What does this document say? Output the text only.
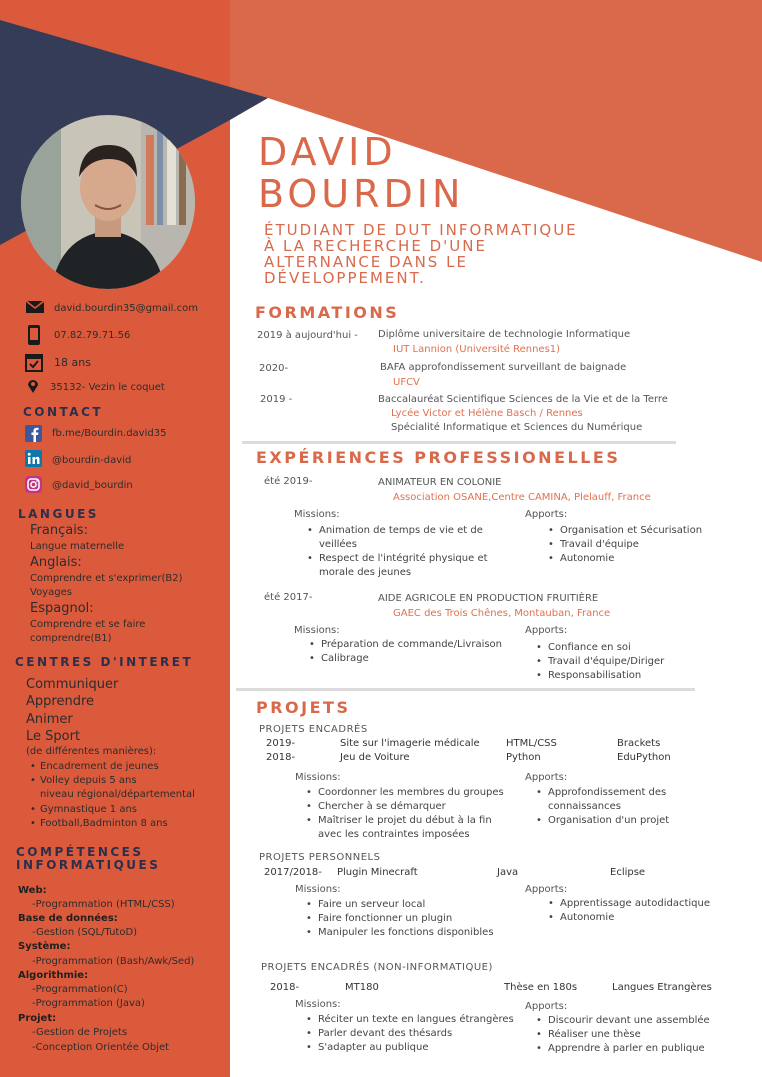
DAVID
BOURDIN
ÉTUDIANT DE DUT INFORMATIQUE
À LA RECHERCHE D'UNE
ALTERNANCE DANS LE
DÉVELOPPEMENT.
david.bourdin35@gmail.com
07.82.79.71.56
18 ans
35132- Vezin le coquet
CONTACT
fb.me/Bourdin.david35
@bourdin-david
@david_bourdin
LANGUES
Français:
Langue maternelle
Anglais:
Comprendre et s'exprimer(B2)
Voyages
Espagnol:
Comprendre et se faire
comprendre(B1)
CENTRES D'INTERET
Communiquer
Apprendre
Animer
Le Sport
(de différentes manières):
• Encadrement de jeunes
• Volley depuis 5 ans
niveau régional/départemental
• Gymnastique 1 ans
• Football,Badminton 8 ans
COMPÉTENCES
INFORMATIQUES
Web:
-Programmation (HTML/CSS)
Base de données:
-Gestion (SQL/TutoD)
Système:
-Programmation (Bash/Awk/Sed)
Algorithmie:
-Programmation(C)
-Programmation (Java)
Projet:
-Gestion de Projets
-Conception Orientée Objet
FORMATIONS
2019 à aujourd'hui - Diplôme universitaire de technologie Informatique
IUT Lannion (Université Rennes1)
2020-	BAFA approfondissement surveillant de baignade
UFCV
2019 -	Baccalauréat Scientifique Sciences de la Vie et de la Terre
Lycée Victor et Hélène Basch / Rennes
Spécialité Informatique et Sciences du Numérique
EXPÉRIENCES PROFESSIONELLES
été 2019-	ANIMATEUR EN COLONIE
Association OSANE,Centre CAMINA, Plelauff, France
Missions:	Apports:
• Animation de temps de vie et de
veillées
• Respect de l'intégrité physique et
morale des jeunes
• Organisation et Sécurisation
• Travail d'équipe
• Autonomie
été 2017-	AIDE AGRICOLE EN PRODUCTION FRUITIÈRE
GAEC des Trois Chênes, Montauban, France
Missions:	Apports:
• Préparation de commande/Livraison
• Calibrage
• Confiance en soi
• Travail d'équipe/Diriger
• Responsabilisation
PROJETS
PROJETS ENCADRÉS
2019-	Site sur l'imagerie médicale	HTML/CSS	Brackets
2018-	Jeu de Voiture	Python	EduPython
Missions:	Apports:
• Coordonner les membres du groupes
• Chercher à se démarquer
• Maîtriser le projet du début à la fin
avec les contraintes imposées
• Approfondissement des
connaissances
• Organisation d'un projet
PROJETS PERSONNELS
2017/2018- Plugin Minecraft	Java	Eclipse
Missions:	Apports:
• Faire un serveur local
• Faire fonctionner un plugin
• Manipuler les fonctions disponibles
• Apprentissage autodidactique
• Autonomie
PROJETS ENCADRÉS (NON-INFORMATIQUE)
2018-	MT180	Thèse en 180s	Langues Etrangères
Missions:	Apports:
• Réciter un texte en langues étrangères
• Parler devant des thésards
• S'adapter au publique
• Discourir devant une assemblée
• Réaliser une thèse
• Apprendre à parler en publique
